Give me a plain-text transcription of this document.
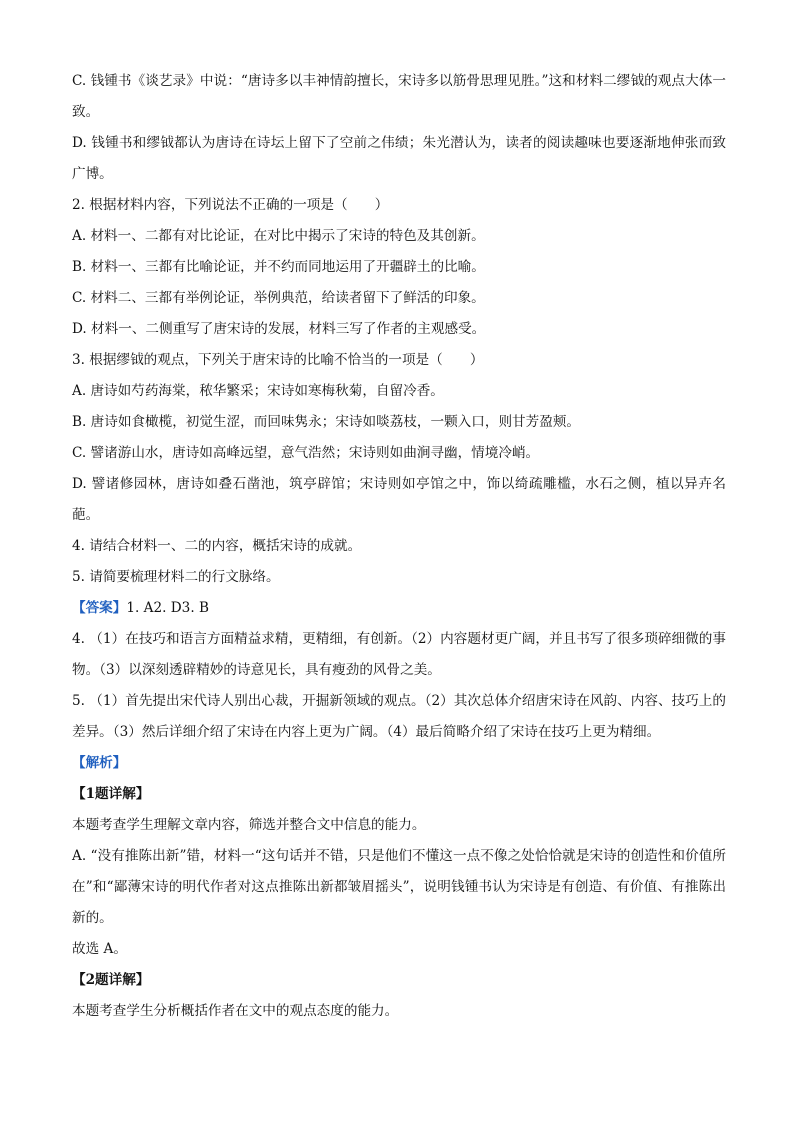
C. 钱锺书《谈艺录》中说：“唐诗多以丰神情韵擅长，宋诗多以筋骨思理见胜。”这和材料二缪钺的观点大体一致。

D. 钱锺书和缪钺都认为唐诗在诗坛上留下了空前之伟绩；朱光潜认为，读者的阅读趣味也要逐渐地伸张而致广博。

2. 根据材料内容，下列说法不正确的一项是（　　）

A. 材料一、二都有对比论证，在对比中揭示了宋诗的特色及其创新。

B. 材料一、三都有比喻论证，并不约而同地运用了开疆辟土的比喻。

C. 材料二、三都有举例论证，举例典范，给读者留下了鲜活的印象。

D. 材料一、二侧重写了唐宋诗的发展，材料三写了作者的主观感受。

3. 根据缪钺的观点，下列关于唐宋诗的比喻不恰当的一项是（　　）

A. 唐诗如芍药海棠，秾华繁采；宋诗如寒梅秋菊，自留冷香。

B. 唐诗如食橄榄，初觉生涩，而回味隽永；宋诗如啖荔枝，一颗入口，则甘芳盈颊。

C. 譬诸游山水，唐诗如高峰远望，意气浩然；宋诗则如曲涧寻幽，情境冷峭。

D. 譬诸修园林，唐诗如叠石凿池，筑亭辟馆；宋诗则如亭馆之中，饰以绮疏雕槛，水石之侧，植以异卉名葩。

4. 请结合材料一、二的内容，概括宋诗的成就。

5. 请简要梳理材料二的行文脉络。

【答案】1. A2. D3. B

4. （1）在技巧和语言方面精益求精，更精细，有创新。（2）内容题材更广阔，并且书写了很多琐碎细微的事物。（3）以深刻透辟精妙的诗意见长，具有瘦劲的风骨之美。

5. （1）首先提出宋代诗人别出心裁，开掘新领域的观点。（2）其次总体介绍唐宋诗在风韵、内容、技巧上的差异。（3）然后详细介绍了宋诗在内容上更为广阔。（4）最后简略介绍了宋诗在技巧上更为精细。

【解析】

【1题详解】

本题考查学生理解文章内容，筛选并整合文中信息的能力。

A. “没有推陈出新”错，材料一“这句话并不错，只是他们不懂这一点不像之处恰恰就是宋诗的创造性和价值所在”和“鄙薄宋诗的明代作者对这点推陈出新都皱眉摇头”，说明钱锺书认为宋诗是有创造、有价值、有推陈出新的。

故选 A。

【2题详解】

本题考查学生分析概括作者在文中的观点态度的能力。
